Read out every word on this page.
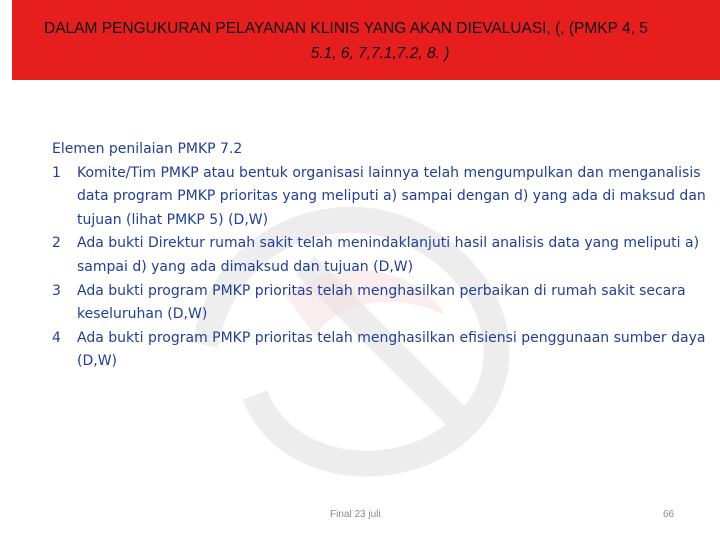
DALAM PENGUKURAN PELAYANAN KLINIS YANG AKAN DIEVALUASI, (, (PMKP 4, 5
5.1, 6, 7,7.1,7.2, 8. )

Elemen penilaian PMKP 7.2

1 Komite/Tim PMKP atau bentuk organisasi lainnya telah mengumpulkan dan menganalisis data program PMKP prioritas yang meliputi a) sampai dengan d) yang ada di maksud dan tujuan (lihat PMKP 5) (D,W)
2 Ada bukti Direktur rumah sakit telah menindaklanjuti hasil analisis data yang meliputi a) sampai d) yang ada dimaksud dan tujuan (D,W)
3 Ada bukti program PMKP prioritas telah menghasilkan perbaikan di rumah sakit secara keseluruhan (D,W)
4 Ada bukti program PMKP prioritas telah menghasilkan efisiensi penggunaan sumber daya (D,W)
Final 23 juli	66
